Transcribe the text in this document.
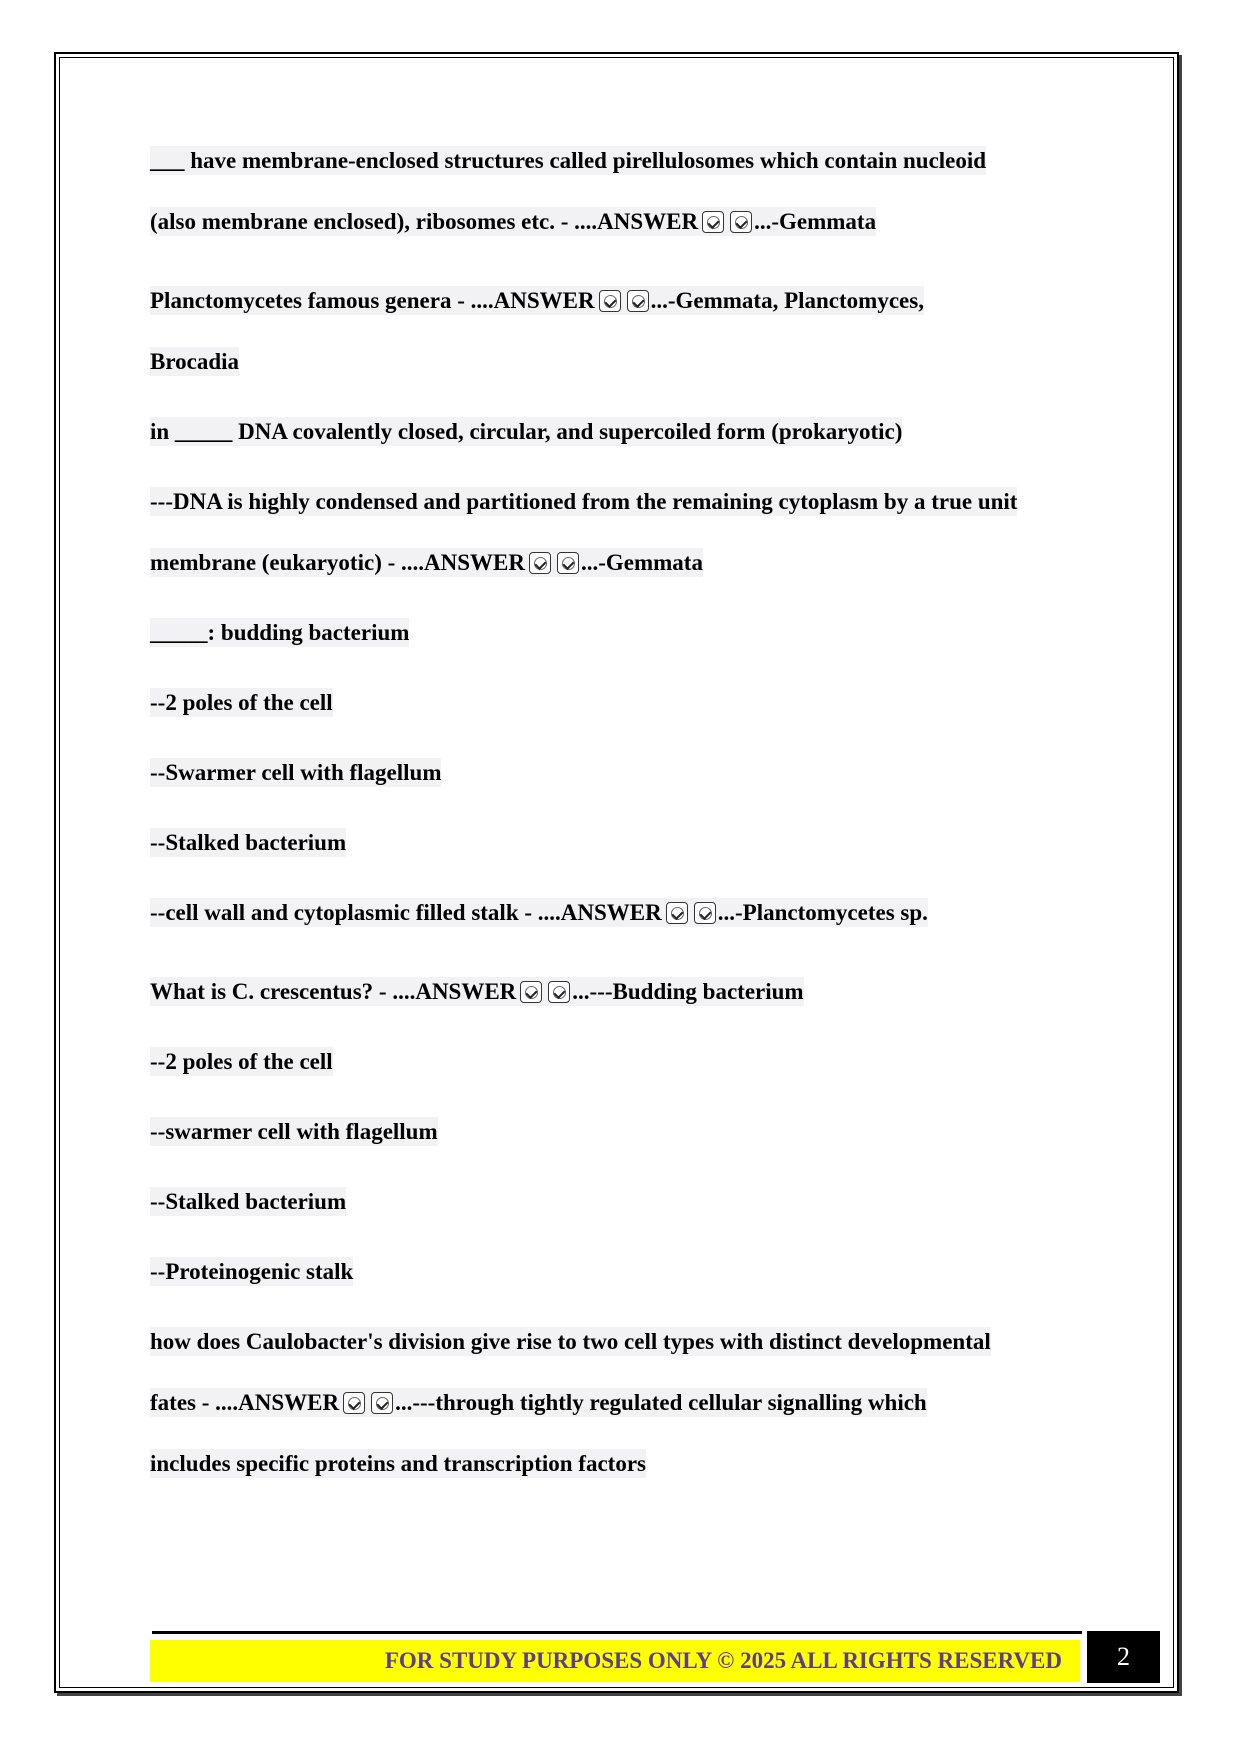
___ have membrane-enclosed structures called pirellulosomes which contain nucleoid
(also membrane enclosed), ribosomes etc. - ....ANSWER ...-Gemmata
Planctomycetes famous genera - ....ANSWER ...-Gemmata, Planctomyces,
Brocadia
in _____ DNA covalently closed, circular, and supercoiled form (prokaryotic)
---DNA is highly condensed and partitioned from the remaining cytoplasm by a true unit
membrane (eukaryotic) - ....ANSWER ...-Gemmata
_____: budding bacterium
--2 poles of the cell
--Swarmer cell with flagellum
--Stalked bacterium
--cell wall and cytoplasmic filled stalk - ....ANSWER ...-Planctomycetes sp.
What is C. crescentus? - ....ANSWER ...---Budding bacterium
--2 poles of the cell
--swarmer cell with flagellum
--Stalked bacterium
--Proteinogenic stalk
how does Caulobacter's division give rise to two cell types with distinct developmental
fates - ....ANSWER ...---through tightly regulated cellular signalling which
includes specific proteins and transcription factors
FOR STUDY PURPOSES ONLY © 2025 ALL RIGHTS RESERVED	2
